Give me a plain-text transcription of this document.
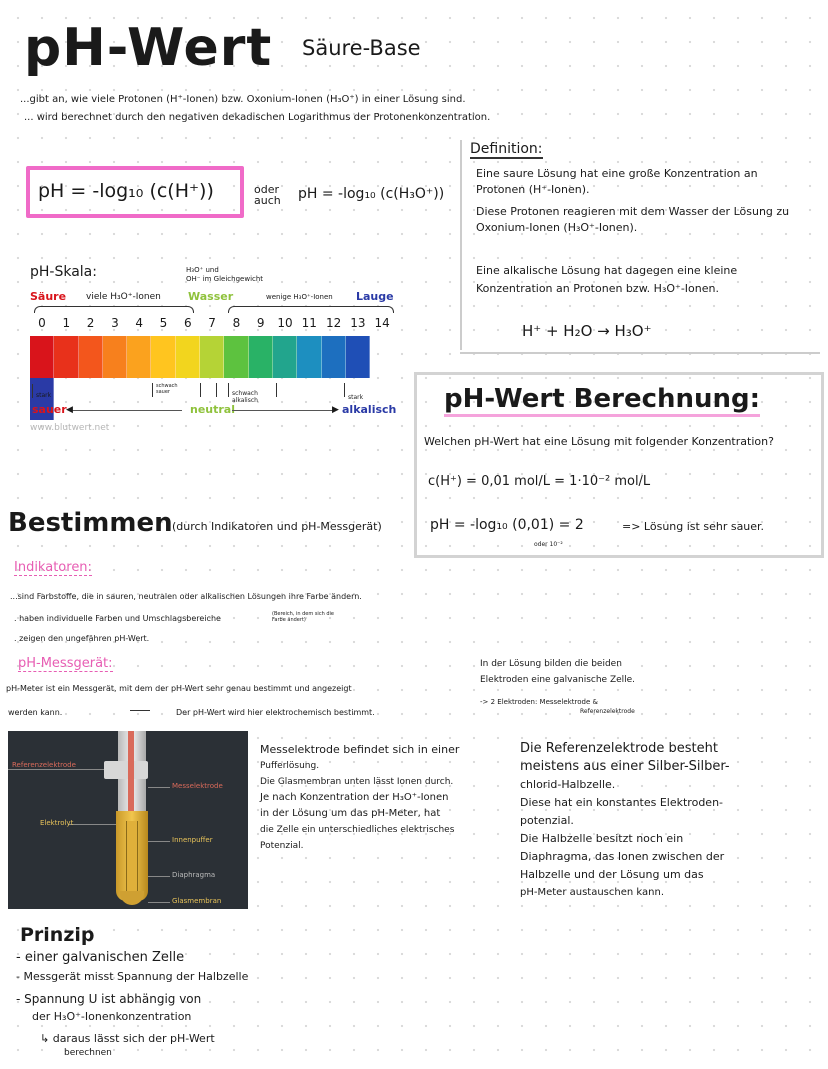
pH-Wert Säure-Base
...gibt an, wie viele Protonen (H⁺-Ionen) bzw. Oxonium-Ionen (H₃O⁺) in einer Lösung sind.
... wird berechnet durch den negativen dekadischen Logarithmus der Protonenkonzentration.
pH = -log₁₀ (c(H⁺))	oder
auch pH = -log₁₀ (c(H₃O⁺))
Definition:
Eine saure Lösung hat eine große Konzentration an Protonen (H⁺-Ionen).
Diese Protonen reagieren mit dem Wasser der Lösung zu Oxonium-Ionen (H₃O⁺-Ionen).
Eine alkalische Lösung hat dagegen eine kleine Konzentration an Protonen bzw. H₃O⁺-Ionen.
H⁺ + H₂O → H₃O⁺
pH-Skala:
Säure viele H₃O⁺-Ionen
H₃O⁺ und
OH⁻ im Gleichgewicht
Wasser	wenige H₃O⁺-Ionen Lauge
0	1	2	3	4	5	6	7	8	9	10 11 12 13 14
stark
sauer
schwach
sauer	schwach
alkalisch	stark
alkalisch
◀	neutral	▶
www.blutwert.net
pH-Wert Berechnung:
Welchen pH-Wert hat eine Lösung mit folgender Konzentration?
c(H⁺) = 0,01 mol/L = 1·10⁻² mol/L
pH = -log₁₀ (0,01) = 2
oder 10⁻²
=> Lösung ist sehr sauer.
Bestimmen (durch Indikatoren und pH-Messgerät)
Indikatoren:
...sind Farbstoffe, die in sauren, neutralen oder alkalischen Lösungen ihre Farbe ändern.
. haben individuelle Farben und Umschlagsbereiche	(Bereich, in dem sich die Farbe ändert)
. zeigen den ungefähren pH-Wert.
pH-Messgerät:
pH-Meter ist ein Messgerät, mit dem der pH-Wert sehr genau bestimmt und angezeigt
werden kann.	Der pH-Wert wird hier elektrochemisch bestimmt.
In der Lösung bilden die beiden
Elektroden eine galvanische Zelle.
-> 2 Elektroden: Messelektrode &
Referenzelektrode
Referenzelektrode
Messelektrode
Elektrolyt
Innenpuffer
Diaphragma
Glasmembran
Messelektrode befindet sich in einer
Pufferlösung.
Die Glasmembran unten lässt Ionen durch.
Je nach Konzentration der H₃O⁺-Ionen
in der Lösung um das pH-Meter, hat
die Zelle ein unterschiedliches elektrisches
Potenzial.
Die Referenzelektrode besteht
meistens aus einer Silber-Silber-
chlorid-Halbzelle.
Diese hat ein konstantes Elektroden-
potenzial.
Die Halbzelle besitzt noch ein
Diaphragma, das Ionen zwischen der
Halbzelle und der Lösung um das
pH-Meter austauschen kann.
Prinzip
- einer galvanischen Zelle
- Messgerät misst Spannung der Halbzelle
- Spannung U ist abhängig von
der H₃O⁺-Ionenkonzentration
↳ daraus lässt sich der pH-Wert
berechnen
